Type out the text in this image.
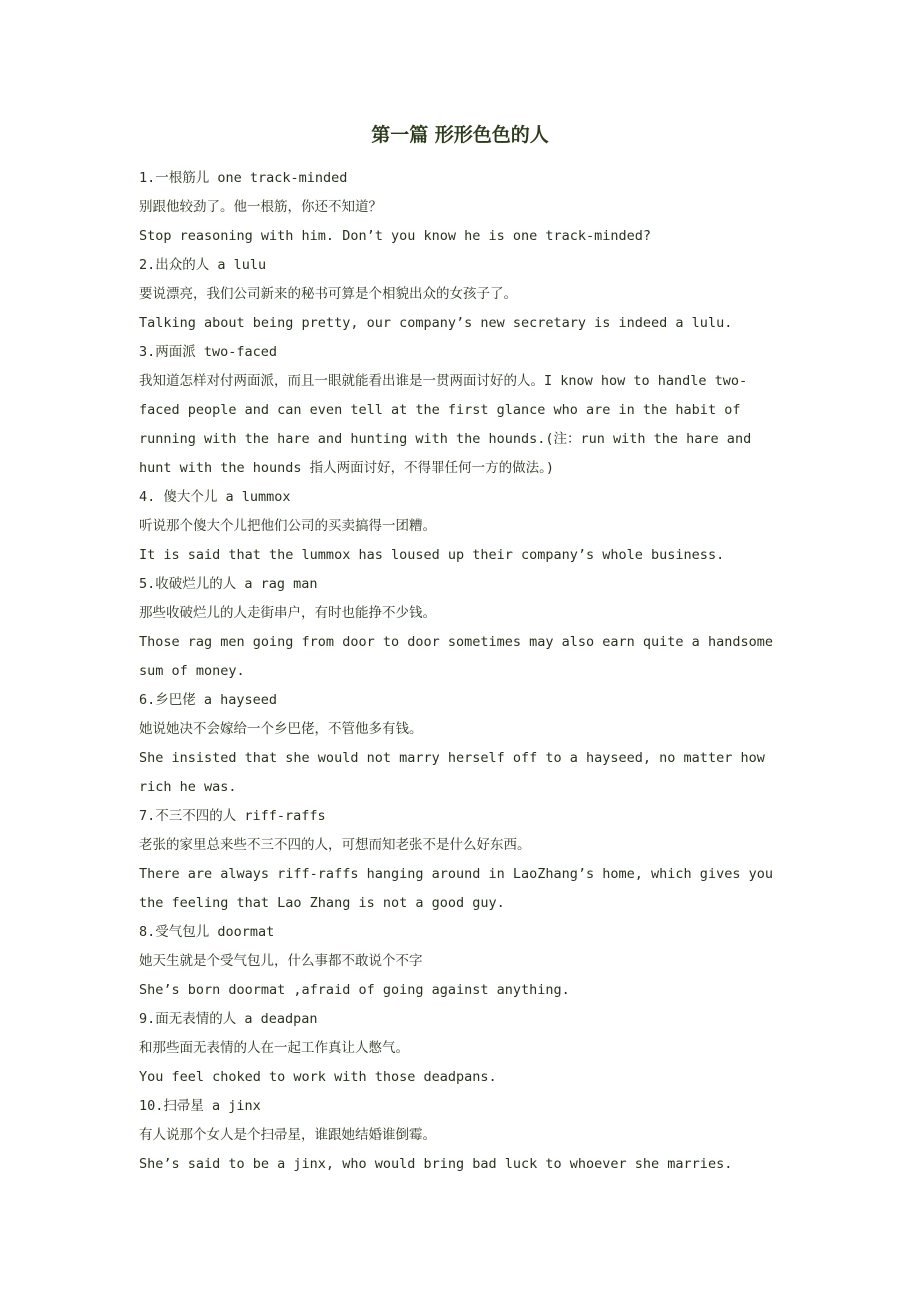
第一篇 形形色色的人

1.一根筋儿 one track-minded

别跟他较劲了。他一根筋，你还不知道？

Stop reasoning with him. Don’t you know he is one track-minded?

2.出众的人 a lulu

要说漂亮，我们公司新来的秘书可算是个相貌出众的女孩子了。

Talking about being pretty, our company’s new secretary is indeed a lulu.

3.两面派 two-faced

我知道怎样对付两面派，而且一眼就能看出谁是一贯两面讨好的人。I know how to handle two-faced people and can even tell at the first glance who are in the habit of running with the hare and hunting with the hounds.(注：run with the hare and hunt with the hounds 指人两面讨好，不得罪任何一方的做法。)

4. 傻大个儿 a lummox

听说那个傻大个儿把他们公司的买卖搞得一团糟。

It is said that the lummox has loused up their company’s whole business.

5.收破烂儿的人 a rag man

那些收破烂儿的人走街串户，有时也能挣不少钱。

Those rag men going from door to door sometimes may also earn quite a handsome sum of money.

6.乡巴佬 a hayseed

她说她决不会嫁给一个乡巴佬，不管他多有钱。

She insisted that she would not marry herself off to a hayseed, no matter how rich he was.

7.不三不四的人 riff-raffs

老张的家里总来些不三不四的人，可想而知老张不是什么好东西。

There are always riff-raffs hanging around in LaoZhang’s home, which gives you the feeling that Lao Zhang is not a good guy.

8.受气包儿 doormat

她天生就是个受气包儿，什么事都不敢说个不字

She’s born doormat ,afraid of going against anything.

9.面无表情的人 a deadpan

和那些面无表情的人在一起工作真让人憋气。

You feel choked to work with those deadpans.

10.扫帚星 a jinx

有人说那个女人是个扫帚星，谁跟她结婚谁倒霉。

She’s said to be a jinx, who would bring bad luck to whoever she marries.
